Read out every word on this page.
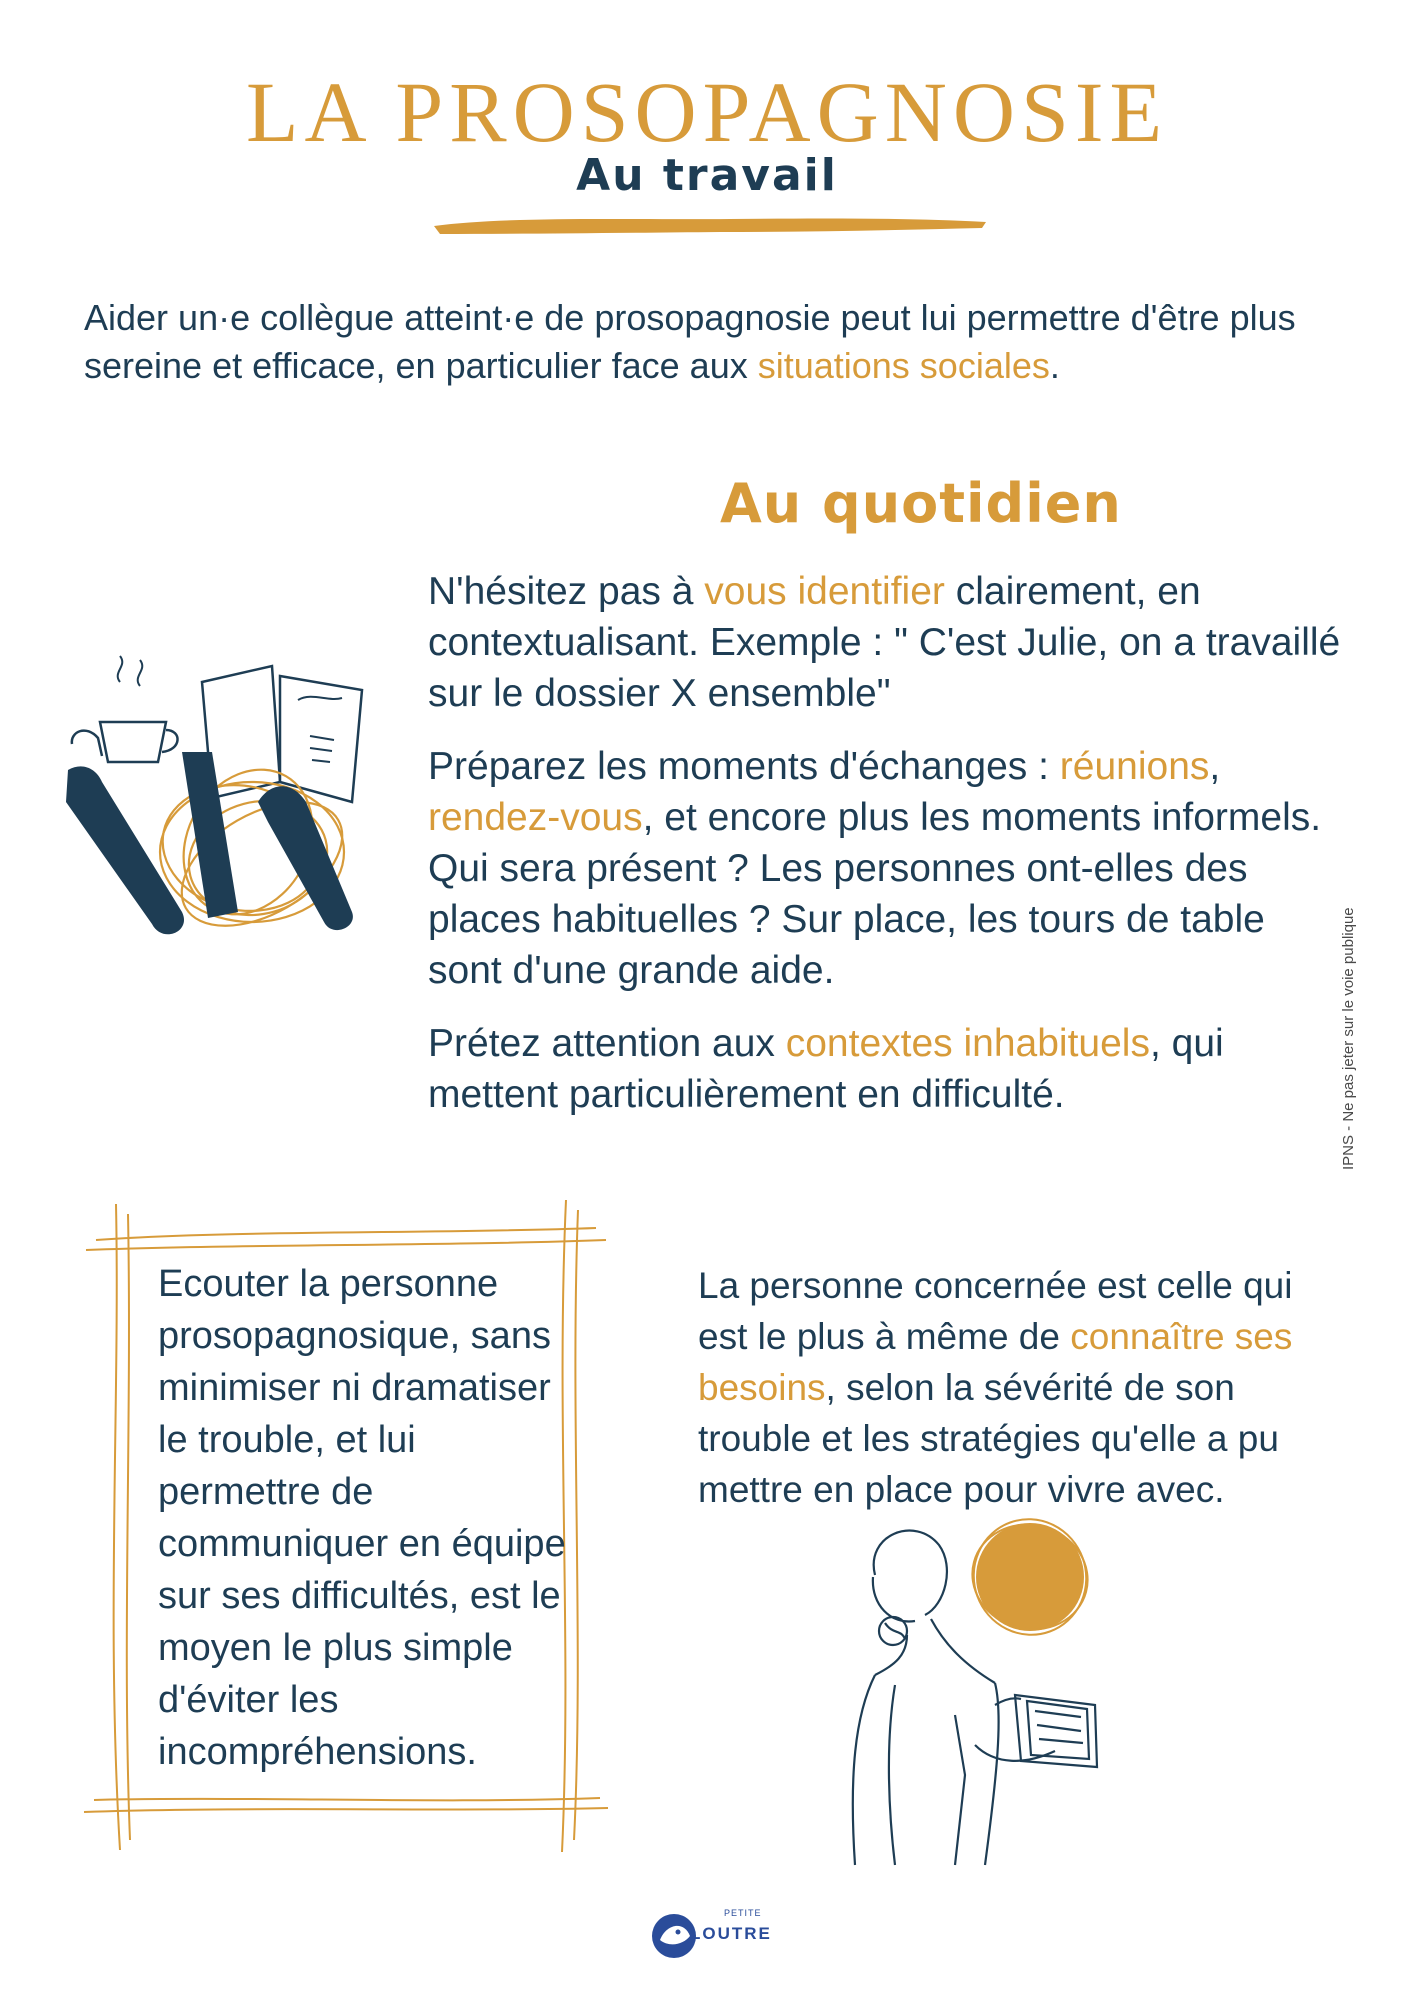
LA PROSOPAGNOSIE
Au travail

Aider un·e collègue atteint·e de prosopagnosie peut lui permettre d'être plus sereine et efficace, en particulier face aux situations sociales.

Au quotidien

N'hésitez pas à vous identifier clairement, en contextualisant. Exemple : " C'est Julie, on a travaillé sur le dossier X ensemble"

Préparez les moments d'échanges : réunions, rendez-vous, et encore plus les moments informels. Qui sera présent ? Les personnes ont-elles des places habituelles ? Sur place, les tours de table sont d'une grande aide.

Prétez attention aux contextes inhabituels, qui mettent particulièrement en difficulté.

Ecouter la personne prosopagnosique, sans minimiser ni dramatiser le trouble, et lui permettre de communiquer en équipe sur ses difficultés, est le moyen le plus simple d'éviter les incompréhensions.

La personne concernée est celle qui est le plus à même de connaître ses besoins, selon la sévérité de son trouble et les stratégies qu'elle a pu mettre en place pour vivre avec.

IPNS - Ne pas jeter sur le voie publique
PETITE
LOUTRE
